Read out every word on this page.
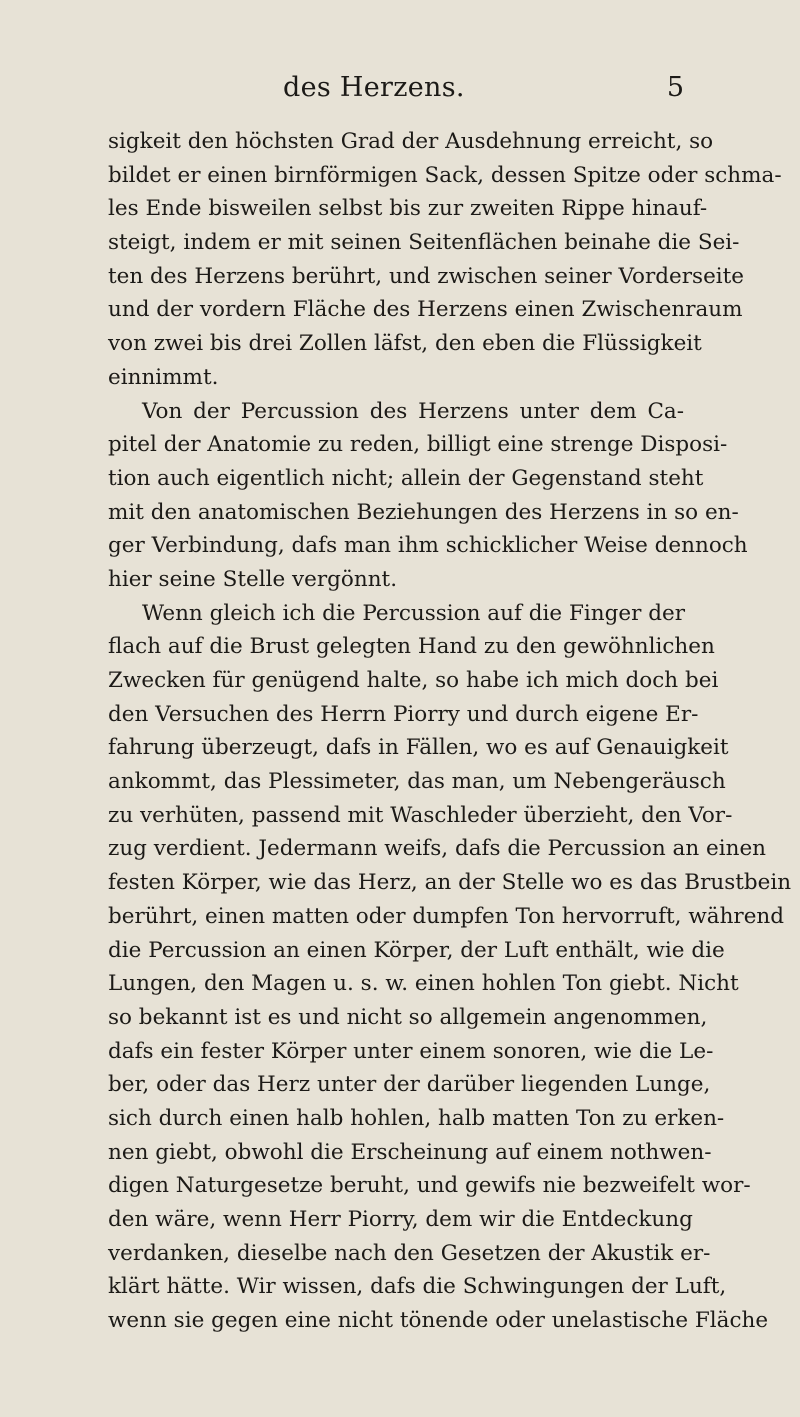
des Herzens.	5
sigkeit den höchsten Grad der Ausdehnung erreicht, so
bildet er einen birnförmigen Sack, dessen Spitze oder schma-
les Ende bisweilen selbst bis zur zweiten Rippe hinauf-
steigt, indem er mit seinen Seitenflächen beinahe die Sei-
ten des Herzens berührt, und zwischen seiner Vorderseite
und der vordern Fläche des Herzens einen Zwischenraum
von zwei bis drei Zollen läfst, den eben die Flüssigkeit
einnimmt.
Von der Percussion des Herzens unter dem Ca-
pitel der Anatomie zu reden, billigt eine strenge Disposi-
tion auch eigentlich nicht; allein der Gegenstand steht
mit den anatomischen Beziehungen des Herzens in so en-
ger Verbindung, dafs man ihm schicklicher Weise dennoch
hier seine Stelle vergönnt.
Wenn gleich ich die Percussion auf die Finger der
flach auf die Brust gelegten Hand zu den gewöhnlichen
Zwecken für genügend halte, so habe ich mich doch bei
den Versuchen des Herrn Piorry und durch eigene Er-
fahrung überzeugt, dafs in Fällen, wo es auf Genauigkeit
ankommt, das Plessimeter, das man, um Nebengeräusch
zu verhüten, passend mit Waschleder überzieht, den Vor-
zug verdient. Jedermann weifs, dafs die Percussion an einen
festen Körper, wie das Herz, an der Stelle wo es das Brustbein
berührt, einen matten oder dumpfen Ton hervorruft, während
die Percussion an einen Körper, der Luft enthält, wie die
Lungen, den Magen u. s. w. einen hohlen Ton giebt. Nicht
so bekannt ist es und nicht so allgemein angenommen,
dafs ein fester Körper unter einem sonoren, wie die Le-
ber, oder das Herz unter der darüber liegenden Lunge,
sich durch einen halb hohlen, halb matten Ton zu erken-
nen giebt, obwohl die Erscheinung auf einem nothwen-
digen Naturgesetze beruht, und gewifs nie bezweifelt wor-
den wäre, wenn Herr Piorry, dem wir die Entdeckung
verdanken, dieselbe nach den Gesetzen der Akustik er-
klärt hätte. Wir wissen, dafs die Schwingungen der Luft,
wenn sie gegen eine nicht tönende oder unelastische Fläche
